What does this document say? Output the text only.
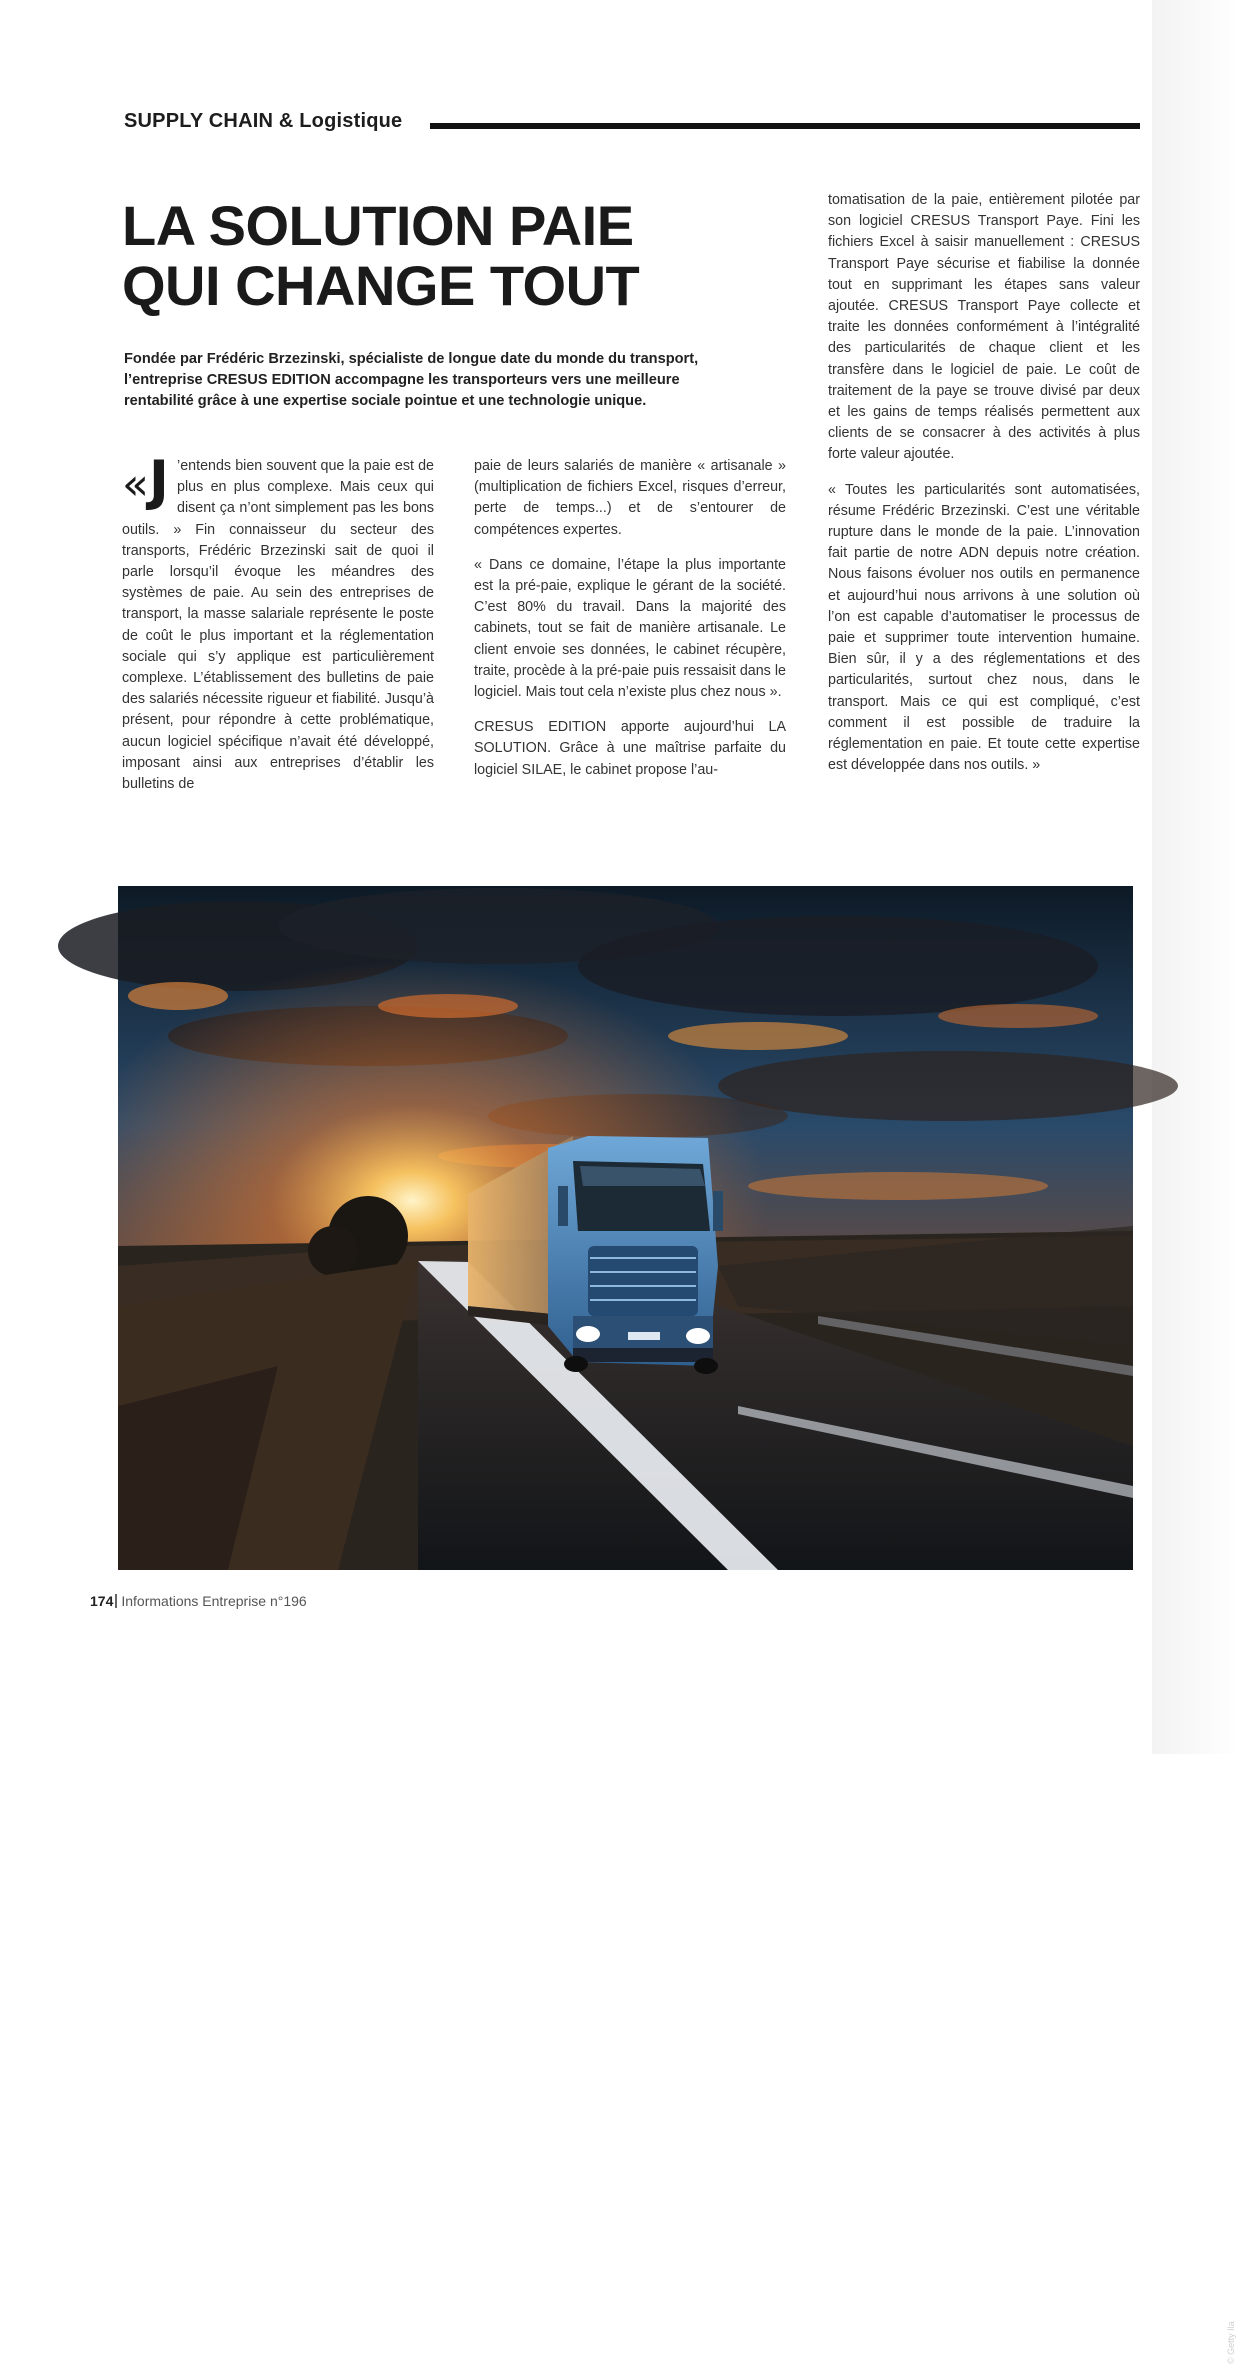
SUPPLY CHAIN & Logistique
LA SOLUTION PAIE
QUI CHANGE TOUT
Fondée par Frédéric Brzezinski, spécialiste de longue date du monde du transport, l’entreprise CRESUS EDITION accompagne les transporteurs vers une meilleure rentabilité grâce à une expertise sociale pointue et une technologie unique.

«J ’entends bien souvent que la paie est de plus en plus complexe. Mais ceux qui disent ça n’ont simplement pas les bons outils. » Fin connaisseur du secteur des transports, Frédéric Brzezinski sait de quoi il parle lorsqu’il évoque les méandres des systèmes de paie. Au sein des entreprises de transport, la masse salariale représente le poste de coût le plus important et la réglementation sociale qui s’y applique est particulièrement complexe. L’établissement des bulletins de paie des salariés nécessite rigueur et fiabilité. Jusqu’à présent, pour répondre à cette problématique, aucun logiciel spécifique n’avait été développé, imposant ainsi aux entreprises d’établir les bulletins de

paie de leurs salariés de manière « artisanale » (multiplication de fichiers Excel, risques d’erreur, perte de temps...) et de s’entourer de compétences expertes.

« Dans ce domaine, l’étape la plus importante est la pré-paie, explique le gérant de la société. C’est 80% du travail. Dans la majorité des cabinets, tout se fait de manière artisanale. Le client envoie ses données, le cabinet récupère, traite, procède à la pré-paie puis ressaisit dans le logiciel. Mais tout cela n’existe plus chez nous ».

CRESUS EDITION apporte aujourd’hui LA SOLUTION. Grâce à une maîtrise parfaite du logiciel SILAE, le cabinet propose l’au-

tomatisation de la paie, entièrement pilotée par son logiciel CRESUS Transport Paye. Fini les fichiers Excel à saisir manuellement : CRESUS Transport Paye sécurise et fiabilise la donnée tout en supprimant les étapes sans valeur ajoutée. CRESUS Transport Paye collecte et traite les données conformément à l’intégralité des particularités de chaque client et les transfère dans le logiciel de paie. Le coût de traitement de la paye se trouve divisé par deux et les gains de temps réalisés permettent aux clients de se consacrer à des activités à plus forte valeur ajoutée.

« Toutes les particularités sont automatisées, résume Frédéric Brzezinski. C’est une véritable rupture dans le monde de la paie. L’innovation fait partie de notre ADN depuis notre création. Nous faisons évoluer nos outils en permanence et aujourd’hui nous arrivons à une solution où l’on est capable d’automatiser le processus de paie et supprimer toute intervention humaine. Bien sûr, il y a des réglementations et des particularités, surtout chez nous, dans le transport. Mais ce qui est compliqué, c’est comment il est possible de traduire la réglementation en paie. Et toute cette expertise est développée dans nos outils. »

© Getty Ila
174 Informations Entreprise n°196
